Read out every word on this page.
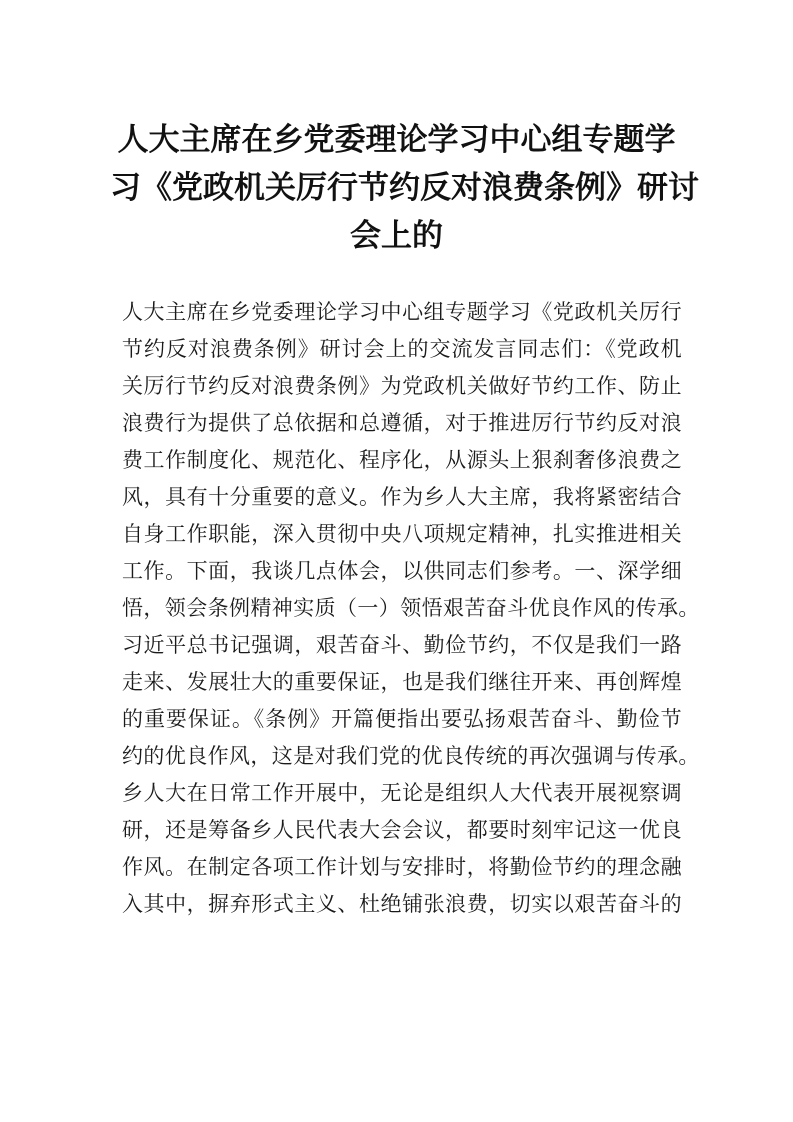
人大主席在乡党委理论学习中心组专题学
习《党政机关厉行节约反对浪费条例》研讨
会上的
人大主席在乡党委理论学习中心组专题学习《党政机关厉行
节约反对浪费条例》研讨会上的交流发言同志们：《党政机
关厉行节约反对浪费条例》为党政机关做好节约工作、防止
浪费行为提供了总依据和总遵循，对于推进厉行节约反对浪
费工作制度化、规范化、程序化，从源头上狠刹奢侈浪费之
风，具有十分重要的意义。作为乡人大主席，我将紧密结合
自身工作职能，深入贯彻中央八项规定精神，扎实推进相关
工作。下面，我谈几点体会，以供同志们参考。一、深学细
悟，领会条例精神实质（一）领悟艰苦奋斗优良作风的传承。
习近平总书记强调，艰苦奋斗、勤俭节约，不仅是我们一路
走来、发展壮大的重要保证，也是我们继往开来、再创辉煌
的重要保证。《条例》开篇便指出要弘扬艰苦奋斗、勤俭节
约的优良作风，这是对我们党的优良传统的再次强调与传承。
乡人大在日常工作开展中，无论是组织人大代表开展视察调
研，还是筹备乡人民代表大会会议，都要时刻牢记这一优良
作风。在制定各项工作计划与安排时，将勤俭节约的理念融
入其中，摒弃形式主义、杜绝铺张浪费，切实以艰苦奋斗的
